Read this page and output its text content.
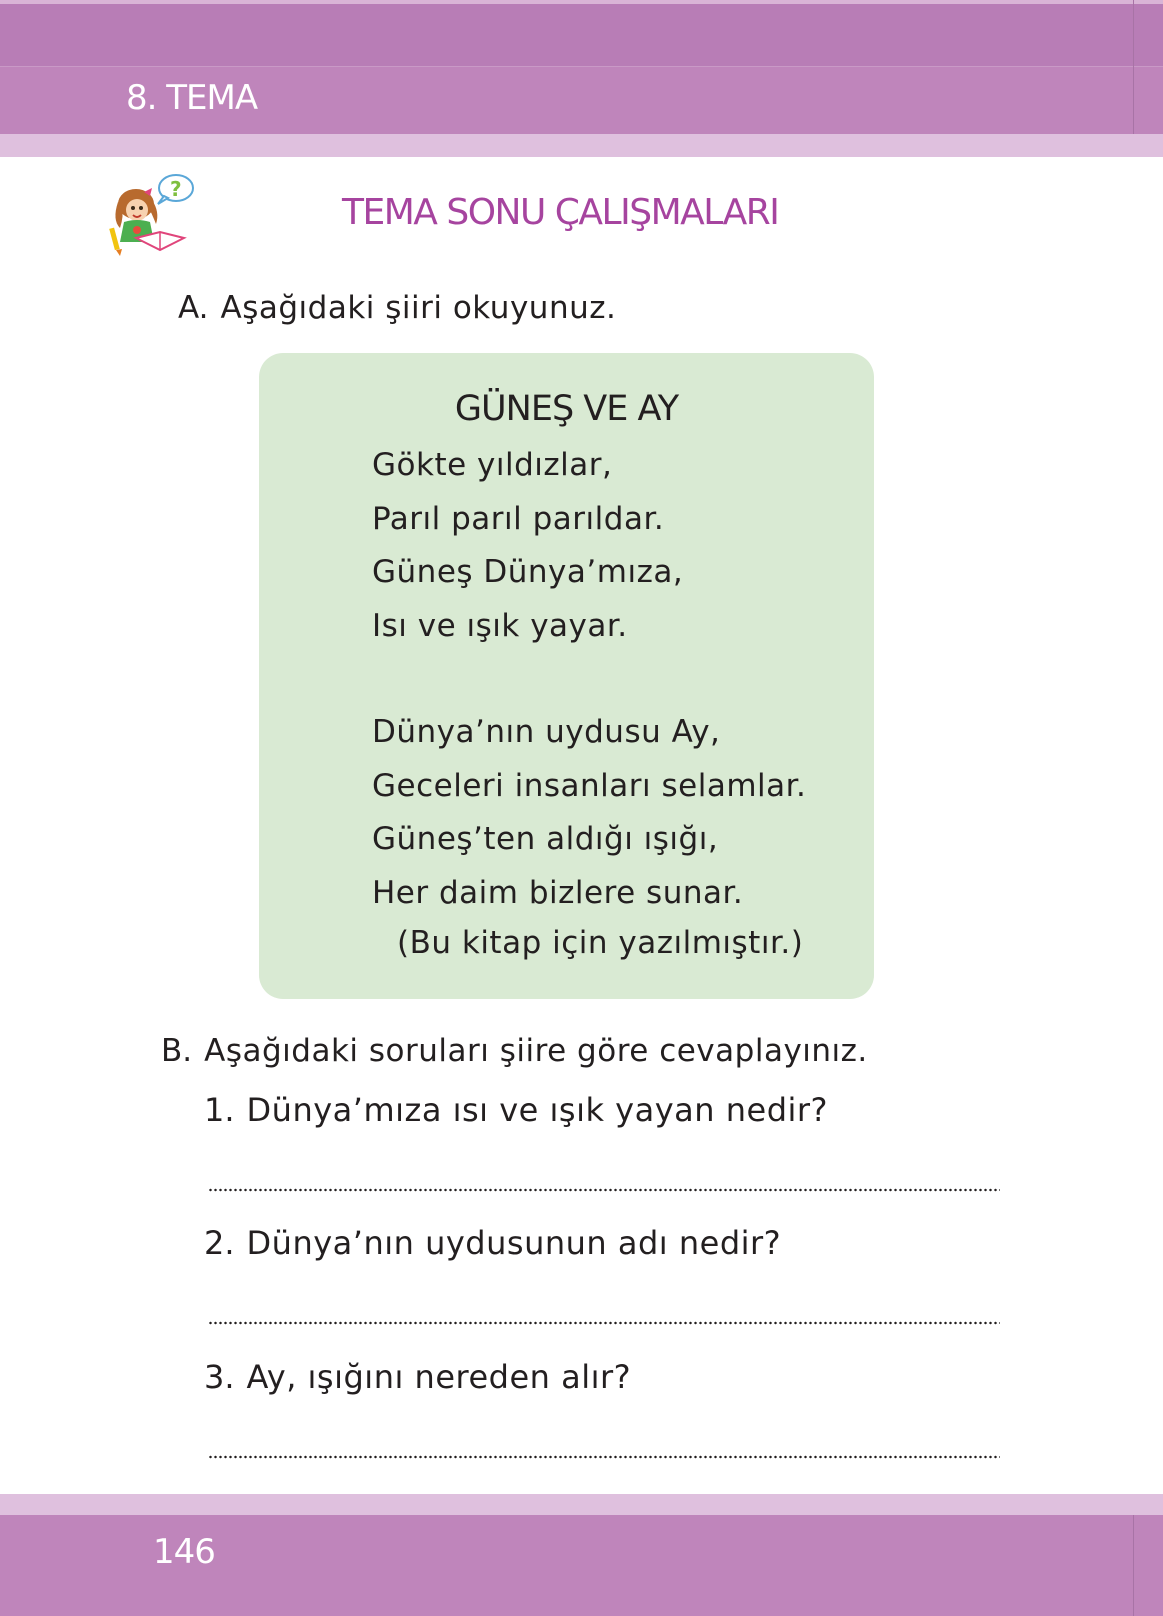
8. TEMA
?
TEMA SONU ÇALIŞMALARI
A. Aşağıdaki şiiri okuyunuz.
GÜNEŞ VE AY
Gökte yıldızlar,
Parıl parıl parıldar.
Güneş Dünya’mıza,
Isı ve ışık yayar.
Dünya’nın uydusu Ay,
Geceleri insanları selamlar.
Güneş’ten aldığı ışığı,
Her daim bizlere sunar.
(Bu kitap için yazılmıştır.)
B. Aşağıdaki soruları şiire göre cevaplayınız.
1. Dünya’mıza ısı ve ışık yayan nedir?
2. Dünya’nın uydusunun adı nedir?
3. Ay, ışığını nereden alır?
146
